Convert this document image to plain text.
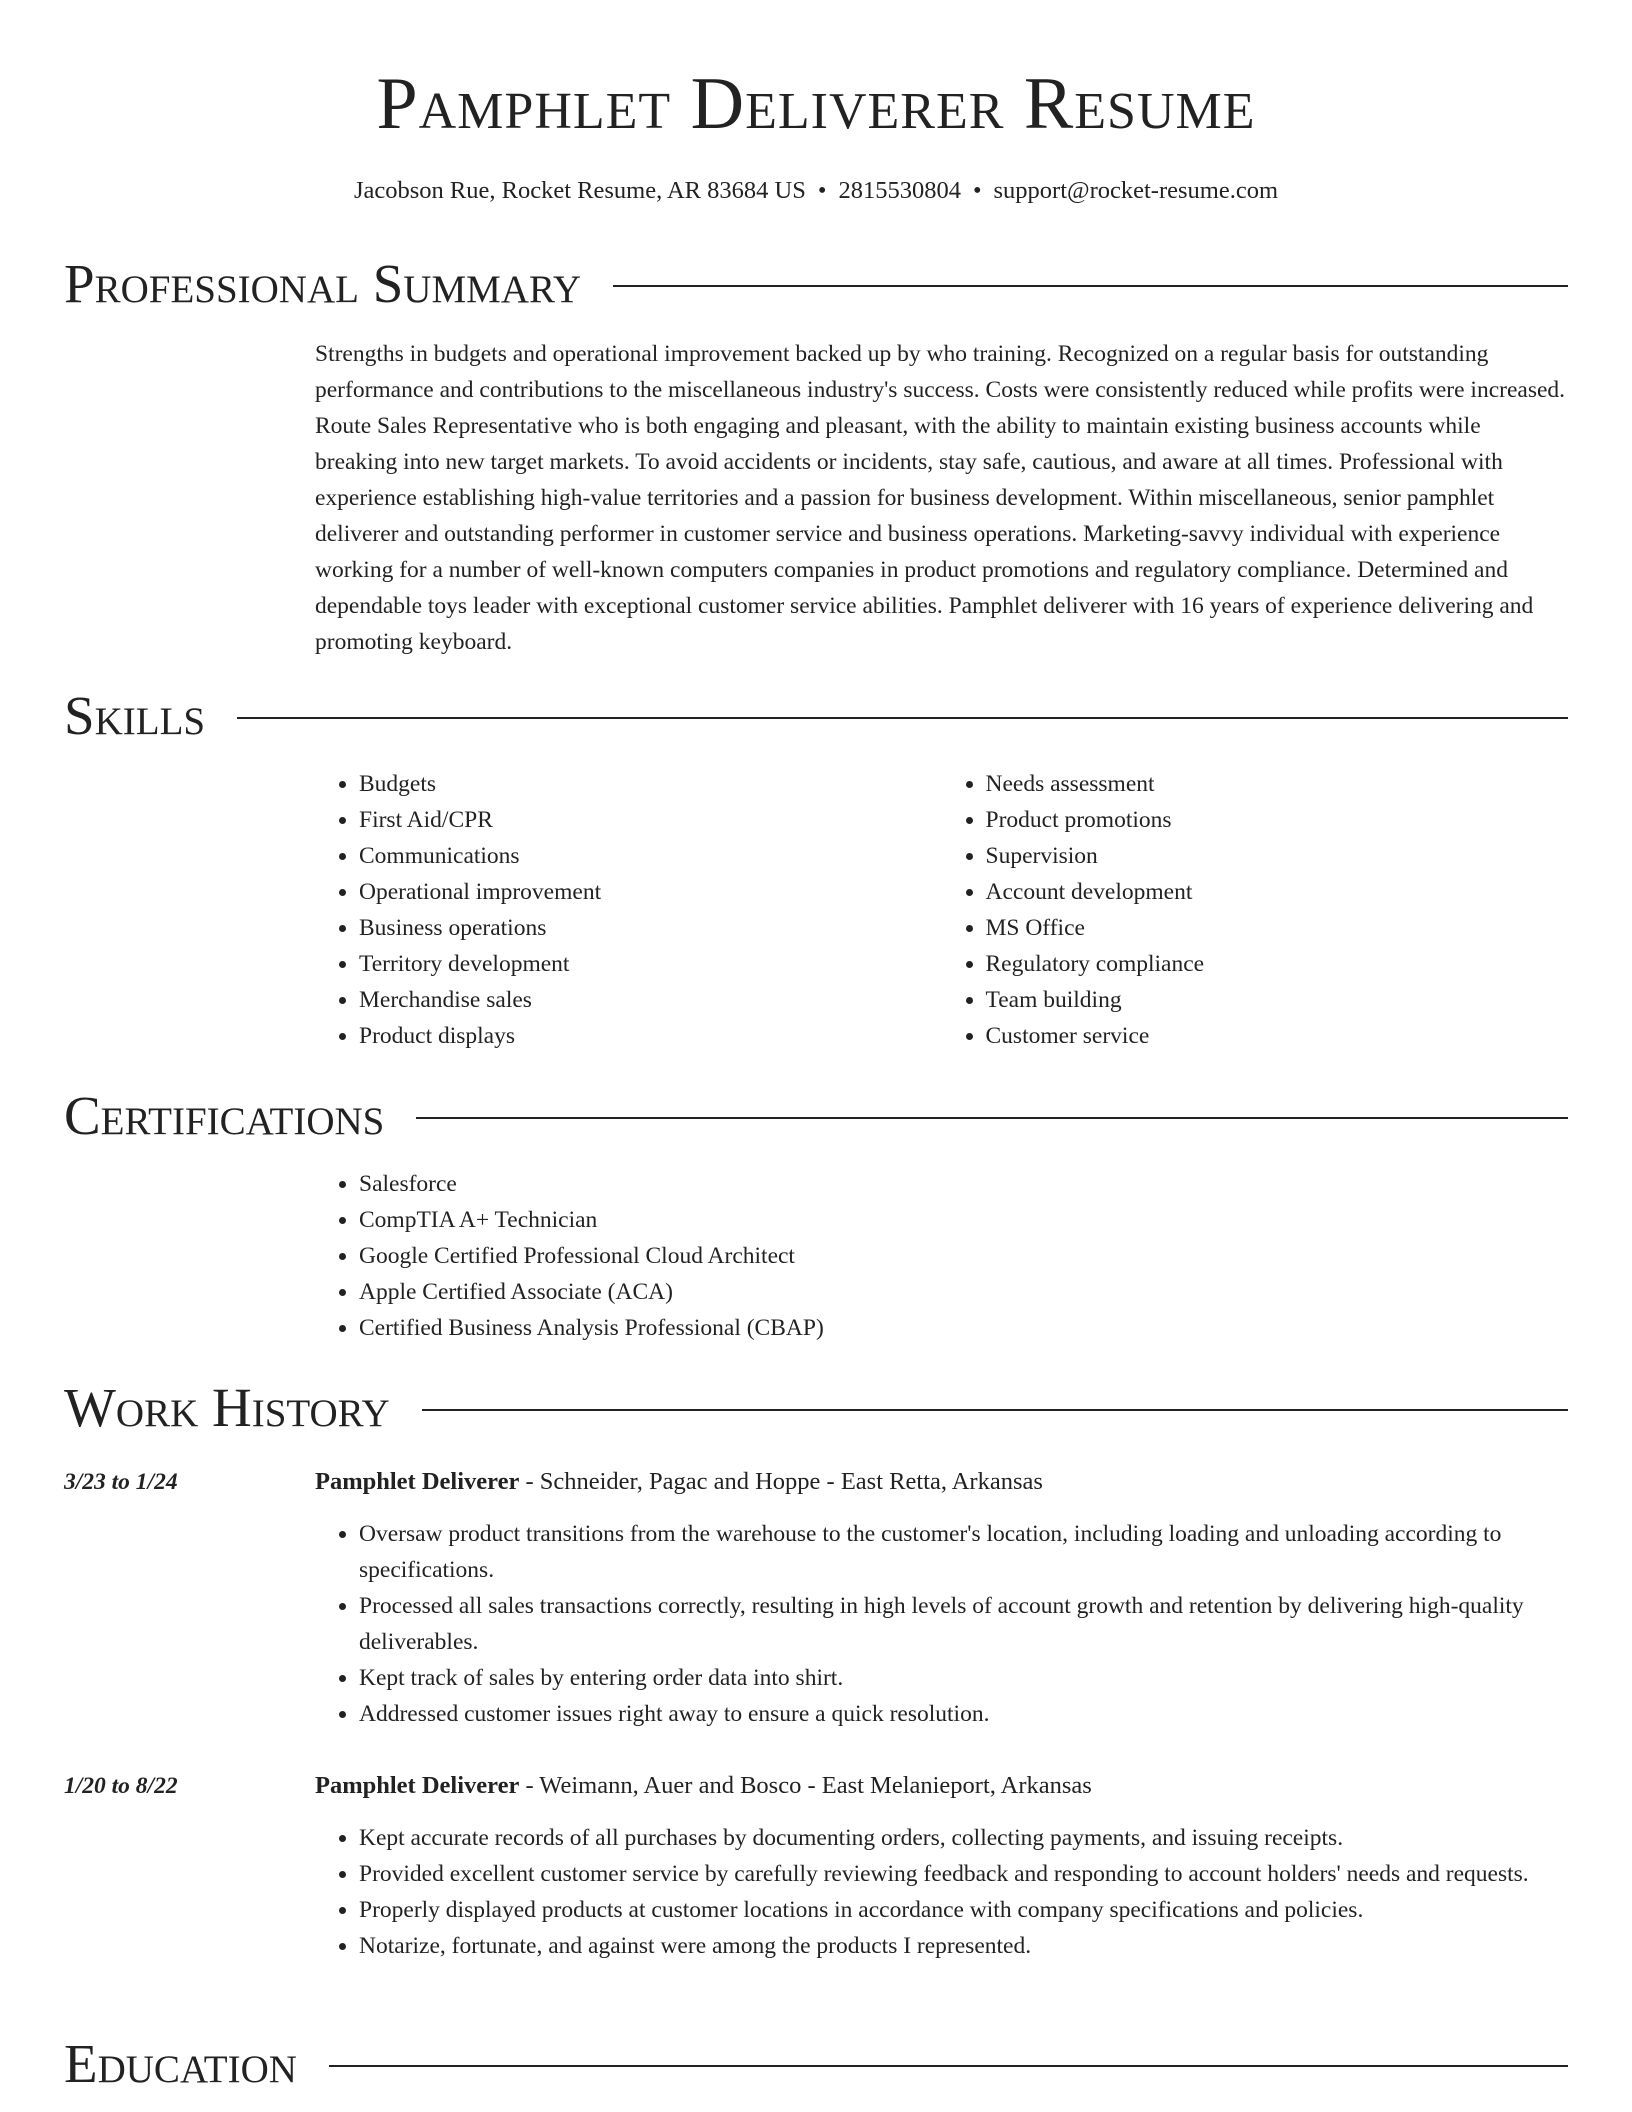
Pamphlet Deliverer Resume
Jacobson Rue, Rocket Resume, AR 83684 US • 2815530804 • support@rocket-resume.com
Professional Summary

Strengths in budgets and operational improvement backed up by who training. Recognized on a regular basis for outstanding performance and contributions to the miscellaneous industry's success. Costs were consistently reduced while profits were increased. Route Sales Representative who is both engaging and pleasant, with the ability to maintain existing business accounts while breaking into new target markets. To avoid accidents or incidents, stay safe, cautious, and aware at all times. Professional with experience establishing high-value territories and a passion for business development. Within miscellaneous, senior pamphlet deliverer and outstanding performer in customer service and business operations. Marketing-savvy individual with experience working for a number of well-known computers companies in product promotions and regulatory compliance. Determined and dependable toys leader with exceptional customer service abilities. Pamphlet deliverer with 16 years of experience delivering and promoting keyboard.

Skills
• Budgets
• First Aid/CPR
• Communications
• Operational improvement
• Business operations
• Territory development
• Merchandise sales
• Product displays
• Needs assessment
• Product promotions
• Supervision
• Account development
• MS Office
• Regulatory compliance
• Team building
• Customer service
Certifications
• Salesforce
• CompTIA A+ Technician
• Google Certified Professional Cloud Architect
• Apple Certified Associate (ACA)
• Certified Business Analysis Professional (CBAP)
Work History
3/23 to 1/24	Pamphlet Deliverer - Schneider, Pagac and Hoppe - East Retta, Arkansas
• Oversaw product transitions from the warehouse to the customer's location, including loading and unloading according to specifications.
• Processed all sales transactions correctly, resulting in high levels of account growth and retention by delivering high-quality deliverables.
• Kept track of sales by entering order data into shirt.
• Addressed customer issues right away to ensure a quick resolution.
1/20 to 8/22	Pamphlet Deliverer - Weimann, Auer and Bosco - East Melanieport, Arkansas
• Kept accurate records of all purchases by documenting orders, collecting payments, and issuing receipts.
• Provided excellent customer service by carefully reviewing feedback and responding to account holders' needs and requests.
• Properly displayed products at customer locations in accordance with company specifications and policies.
• Notarize, fortunate, and against were among the products I represented.
Education
